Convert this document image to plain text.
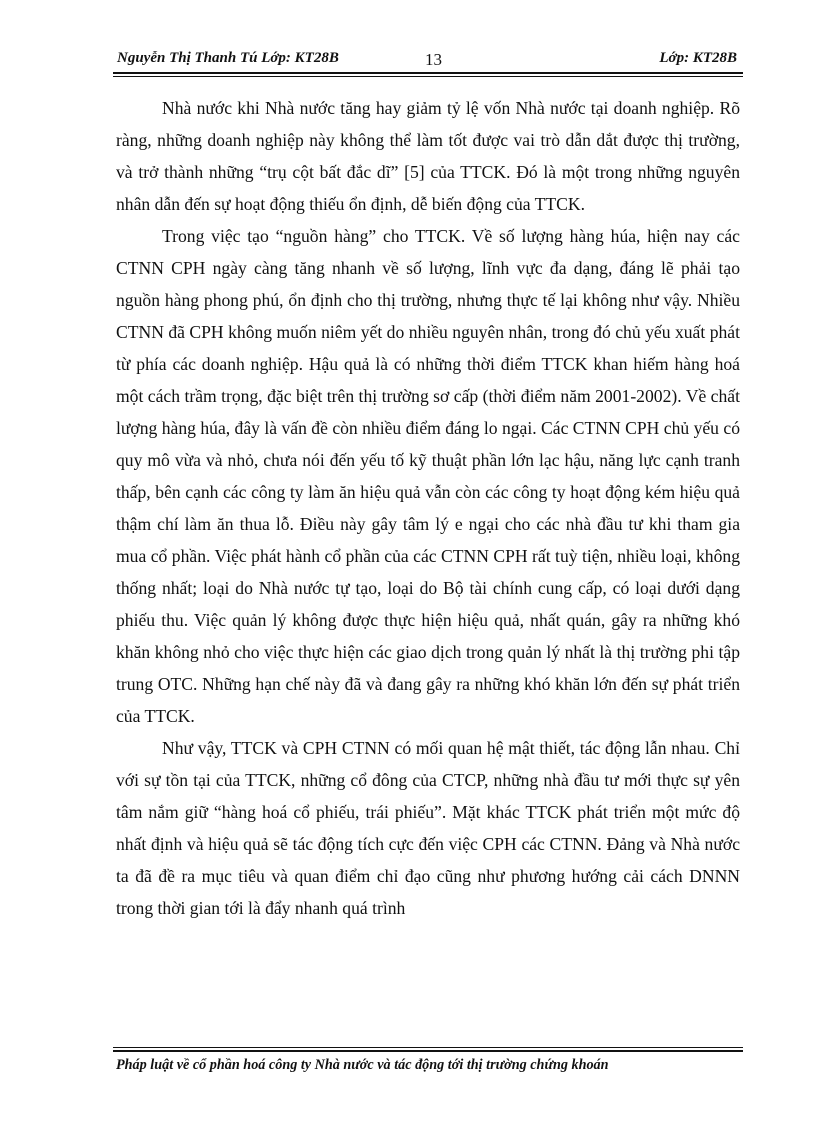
Nguyễn Thị Thanh Tú Lớp: KT28B	13	Lớp: KT28B

Nhà nước khi Nhà nước tăng hay giảm tỷ lệ vốn Nhà nước tại doanh nghiệp. Rõ ràng, những doanh nghiệp này không thể làm tốt được vai trò dẫn dắt được thị trường, và trở thành những “trụ cột bất đắc dĩ” [5] của TTCK. Đó là một trong những nguyên nhân dẫn đến sự hoạt động thiếu ổn định, dễ biến động của TTCK.

Trong việc tạo “nguồn hàng” cho TTCK. Về số lượng hàng húa, hiện nay các CTNN CPH ngày càng tăng nhanh về số lượng, lĩnh vực đa dạng, đáng lẽ phải tạo nguồn hàng phong phú, ổn định cho thị trường, nhưng thực tế lại không như vậy. Nhiều CTNN đã CPH không muốn niêm yết do nhiều nguyên nhân, trong đó chủ yếu xuất phát từ phía các doanh nghiệp. Hậu quả là có những thời điểm TTCK khan hiếm hàng hoá một cách trầm trọng, đặc biệt trên thị trường sơ cấp (thời điểm năm 2001-2002). Về chất lượng hàng húa, đây là vấn đề còn nhiều điểm đáng lo ngại. Các CTNN CPH chủ yếu có quy mô vừa và nhỏ, chưa nói đến yếu tố kỹ thuật phần lớn lạc hậu, năng lực cạnh tranh thấp, bên cạnh các công ty làm ăn hiệu quả vẫn còn các công ty hoạt động kém hiệu quả thậm chí làm ăn thua lỗ. Điều này gây tâm lý e ngại cho các nhà đầu tư khi tham gia mua cổ phần. Việc phát hành cổ phần của các CTNN CPH rất tuỳ tiện, nhiều loại, không thống nhất; loại do Nhà nước tự tạo, loại do Bộ tài chính cung cấp, có loại dưới dạng phiếu thu. Việc quản lý không được thực hiện hiệu quả, nhất quán, gây ra những khó khăn không nhỏ cho việc thực hiện các giao dịch trong quản lý nhất là thị trường phi tập trung OTC. Những hạn chế này đã và đang gây ra những khó khăn lớn đến sự phát triển của TTCK.

Như vậy, TTCK và CPH CTNN có mối quan hệ mật thiết, tác động lẫn nhau. Chỉ với sự tồn tại của TTCK, những cổ đông của CTCP, những nhà đầu tư mới thực sự yên tâm nắm giữ “hàng hoá cổ phiếu, trái phiếu”. Mặt khác TTCK phát triển một mức độ nhất định và hiệu quả sẽ tác động tích cực đến việc CPH các CTNN. Đảng và Nhà nước ta đã đề ra mục tiêu và quan điểm chỉ đạo cũng như phương hướng cải cách DNNN trong thời gian tới là đẩy nhanh quá trình

Pháp luật về cổ phần hoá công ty Nhà nước và tác động tới thị trường chứng khoán
